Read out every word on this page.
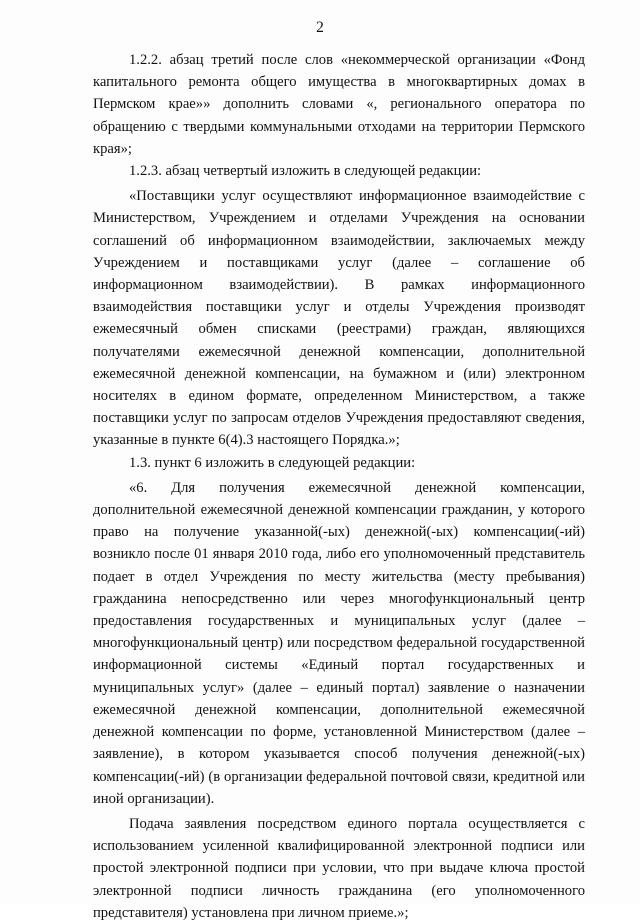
2

1.2.2. абзац третий после слов «некоммерческой организации «Фонд капитального ремонта общего имущества в многоквартирных домах в Пермском крае»» дополнить словами «, регионального оператора по обращению с твердыми коммунальными отходами на территории Пермского края»;

1.2.3. абзац четвертый изложить в следующей редакции:

«Поставщики услуг осуществляют информационное взаимодействие с Министерством, Учреждением и отделами Учреждения на основании соглашений об информационном взаимодействии, заключаемых между Учреждением и поставщиками услуг (далее – соглашение об информационном взаимодействии). В рамках информационного взаимодействия поставщики услуг и отделы Учреждения производят ежемесячный обмен списками (реестрами) граждан, являющихся получателями ежемесячной денежной компенсации, дополнительной ежемесячной денежной компенсации, на бумажном и (или) электронном носителях в едином формате, определенном Министерством, а также поставщики услуг по запросам отделов Учреждения предоставляют сведения, указанные в пункте 6(4).3 настоящего Порядка.»;

1.3. пункт 6 изложить в следующей редакции:

«6. Для получения ежемесячной денежной компенсации, дополнительной ежемесячной денежной компенсации гражданин, у которого право на получение указанной(-ых) денежной(-ых) компенсации(-ий) возникло после 01 января 2010 года, либо его уполномоченный представитель подает в отдел Учреждения по месту жительства (месту пребывания) гражданина непосредственно или через многофункциональный центр предоставления государственных и муниципальных услуг (далее – многофункциональный центр) или посредством федеральной государственной информационной системы «Единый портал государственных и муниципальных услуг» (далее – единый портал) заявление о назначении ежемесячной денежной компенсации, дополнительной ежемесячной денежной компенсации по форме, установленной Министерством (далее – заявление), в котором указывается способ получения денежной(-ых) компенсации(-ий) (в организации федеральной почтовой связи, кредитной или иной организации).

Подача заявления посредством единого портала осуществляется с использованием усиленной квалифицированной электронной подписи или простой электронной подписи при условии, что при выдаче ключа простой электронной подписи личность гражданина (его уполномоченного представителя) установлена при личном приеме.»;
